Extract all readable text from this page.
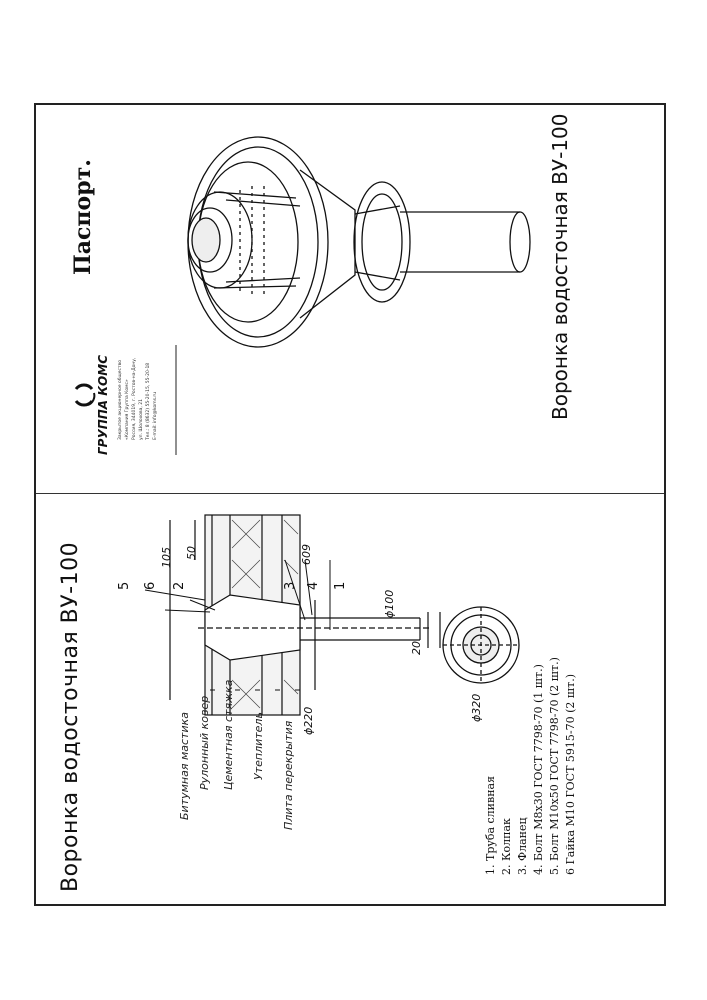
Воронка водосточная ВУ-100
Паспорт.	Воронка водосточная ВУ-100
ГРУППА КОМС Закрытое акционерное общество «Компания Группа Комс» Россия, 344019, г. Ростов-на-Дону, ул. Шолохова, 21 Тел.: 8 (8632) 55-20-15, 55-20-18 E-mail: info@koms.ru
Битумная мастика Рулонный ковер Цементная стяжка Утеплитель Плита перекрытия
5 6 2	3 4 1
105 50	609
ϕ100
20
ϕ220	ϕ320
1. Труба сливная 2. Колпак 3. Фланец 4. Болт М8х30 ГОСТ 7798-70 (1 шт.) 5. Болт М10х50 ГОСТ 7798-70 (2 шт.) 6 Гайка М10 ГОСТ 5915-70 (2 шт.)
